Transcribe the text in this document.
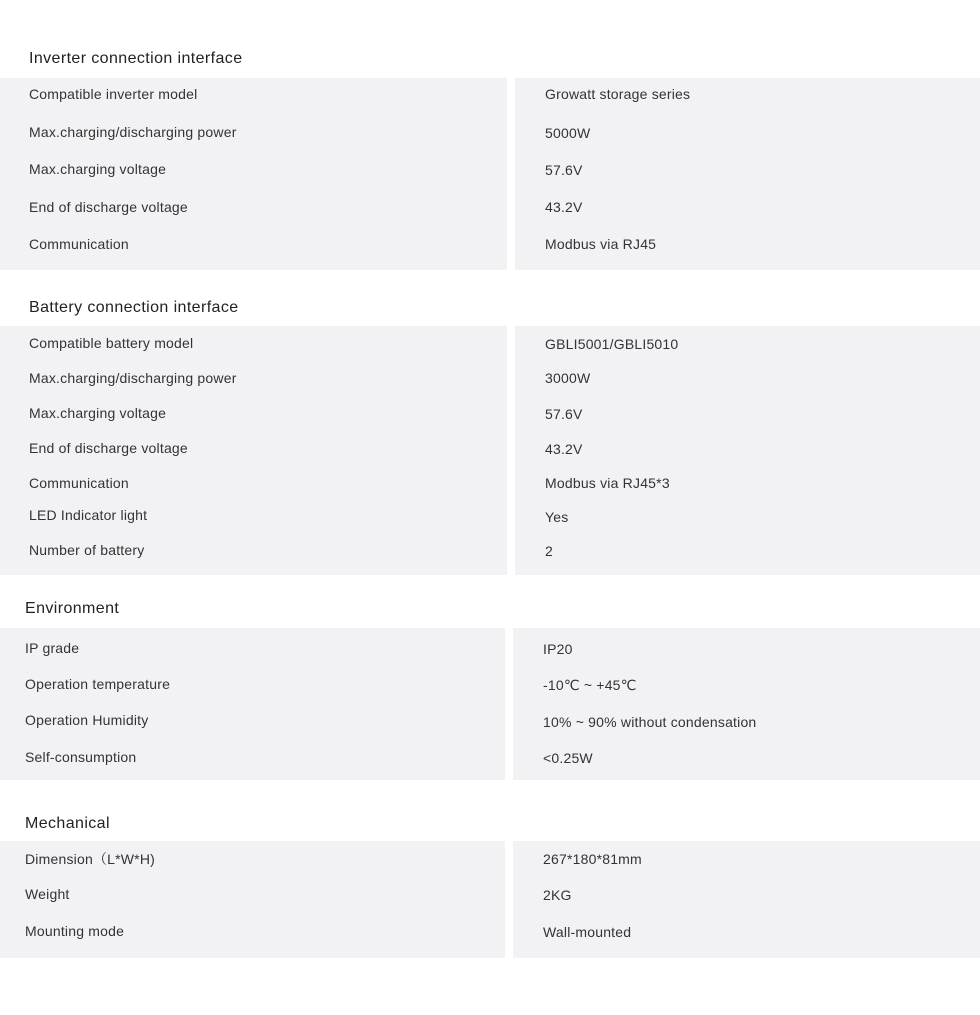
Inverter connection interface
Compatible inverter model	Growatt storage series
Max.charging/discharging power	5000W
Max.charging voltage	57.6V
End of discharge voltage	43.2V
Communication	Modbus via RJ45
Battery connection interface
Compatible battery model	GBLI5001/GBLI5010
Max.charging/discharging power	3000W
Max.charging voltage	57.6V
End of discharge voltage	43.2V
Communication	Modbus via RJ45*3
LED Indicator light	Yes
Number of battery	2
Environment
IP grade	IP20
Operation temperature	-10℃ ~ +45℃
Operation Humidity	10% ~ 90% without condensation
Self-consumption	<0.25W
Mechanical
Dimension（L*W*H)	267*180*81mm
Weight	2KG
Mounting mode	Wall-mounted
